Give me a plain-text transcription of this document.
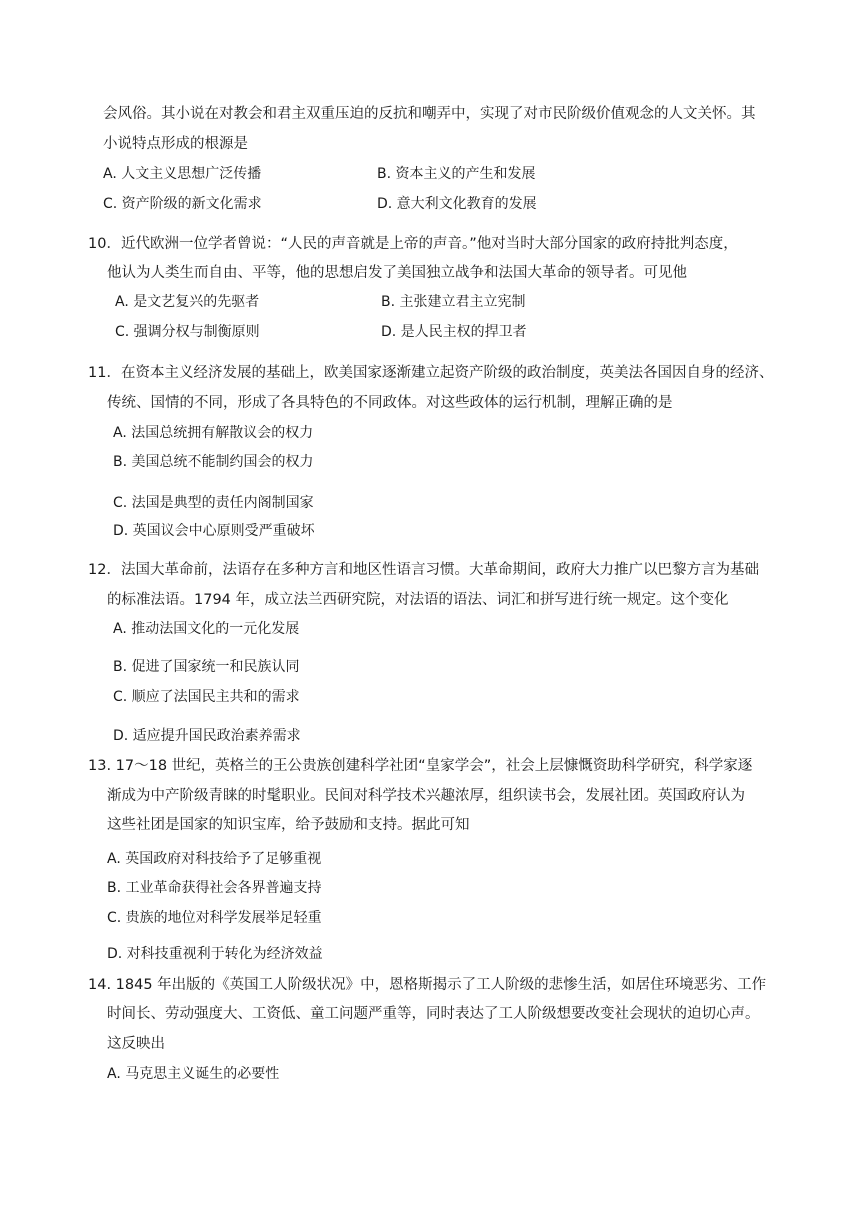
会风俗。其小说在对教会和君主双重压迫的反抗和嘲弄中，实现了对市民阶级价值观念的人文关怀。其
小说特点形成的根源是
A. 人文主义思想广泛传播	B. 资本主义的产生和发展
C. 资产阶级的新文化需求	D. 意大利文化教育的发展
10．近代欧洲一位学者曾说：“人民的声音就是上帝的声音。”他对当时大部分国家的政府持批判态度，
他认为人类生而自由、平等，他的思想启发了美国独立战争和法国大革命的领导者。可见他
A. 是文艺复兴的先驱者	B. 主张建立君主立宪制
C. 强调分权与制衡原则	D. 是人民主权的捍卫者
11．在资本主义经济发展的基础上，欧美国家逐渐建立起资产阶级的政治制度，英美法各国因自身的经济、
传统、国情的不同，形成了各具特色的不同政体。对这些政体的运行机制，理解正确的是
A. 法国总统拥有解散议会的权力
B. 美国总统不能制约国会的权力
C. 法国是典型的责任内阁制国家
D. 英国议会中心原则受严重破坏
12．法国大革命前，法语存在多种方言和地区性语言习惯。大革命期间，政府大力推广以巴黎方言为基础
的标准法语。1794 年，成立法兰西研究院，对法语的语法、词汇和拼写进行统一规定。这个变化
A. 推动法国文化的一元化发展
B. 促进了国家统一和民族认同
C. 顺应了法国民主共和的需求
D. 适应提升国民政治素养需求
13. 17～18 世纪，英格兰的王公贵族创建科学社团“皇家学会”，社会上层慷慨资助科学研究，科学家逐
渐成为中产阶级青睐的时髦职业。民间对科学技术兴趣浓厚，组织读书会，发展社团。英国政府认为
这些社团是国家的知识宝库，给予鼓励和支持。据此可知
A. 英国政府对科技给予了足够重视
B. 工业革命获得社会各界普遍支持
C. 贵族的地位对科学发展举足轻重
D. 对科技重视利于转化为经济效益
14. 1845 年出版的《英国工人阶级状况》中，恩格斯揭示了工人阶级的悲惨生活，如居住环境恶劣、工作
时间长、劳动强度大、工资低、童工问题严重等，同时表达了工人阶级想要改变社会现状的迫切心声。
这反映出
A. 马克思主义诞生的必要性
